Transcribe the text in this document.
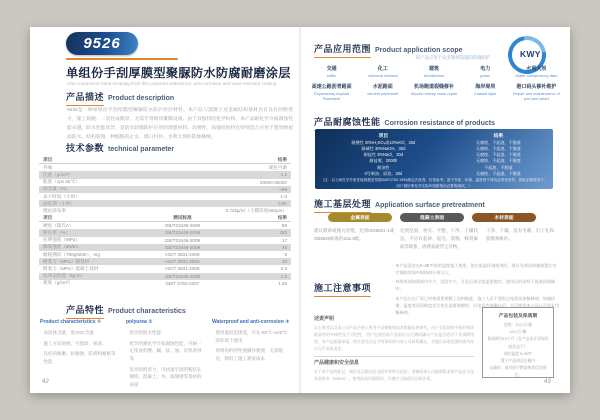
9526
单组份手刮厚膜型聚脲防水防腐耐磨涂层
One component hand scraping thick film polyurea waterproof, anti-corrosion and wear-resistant coating
产品描述 Product description
9526是一种单组份手刮厚膜型聚脲防水防护涂层材料。本产品与混凝土及金属结构基材具有良好的附着力，施工简便、一次性成膜厚，无需专用喷涂覆膜设备。由于其独特的化学结构，本产品耐化学介质腐蚀性能卓越，防水性能优异，是防水防腐防护应用的理想材料。高弹性、高强度的特点特别适合应用于建筑物屋面防水、结构裂缝、伸缩缝的止水、堵口封补、水利大坝的防渗修缮。
技术参数 technical parameter
项目	结果
外观	颜色可调
比重（g/cm³）	1.1
粘度（cps 25℃）	20000-30000
固含量（%）	>99
表干时间（小时）	1-2
固化期（小时）	0.5h
理论涂布率	0.72kg/㎡（干膜厚度500μm）
项目	测试标准	结果
硬度（邵氏A）	GB/T23446-2009	88
伸长率（%）	GB/T23446-2009	320
拉伸强度（MPa）	GB/T23446-2009	17
撕裂强度（kN/m）	GB/T23446-2009	48
磨耗测试（750g/500r），mg	HG/T 3831-2006	8
附着力（MPa）钢基材	HG/T 3831-2006	10
附着力（MPa）混凝土基材	HG/T 3831-2006	3.3
抗冲击性能（kg·m）	GB/T23446-2009	1.8
密度（g/cm³）	GB/T 6750-2007	1.25
产品特性 Product characteristics
Product characteristics ①
· 高固体含量，低VOC含量
· 施工方法简便，可刮涂、抹涂。
· 良好的耐磨、抗腐蚀、防滑和耐候等性能
polyurea ②
· 优异的防水性能
· 优异的耐化学介质腐蚀性能，可耐一定浓度的酸、碱、盐、油、有机溶剂等
· 优异的附着力，可快速牢固的粘结在钢铁、混凝土、木、玻璃钢等基材的表面
Waterproof and anti-corrosion ③
· 使用温度范围宽，可在-50℃~120℃的环境下使用
· 单组份的特性使操作便捷，无需配比，降低了施工难度成本
42
产品应用范围 Product application scope	KWY
该产品应用于众多领域设施的防腐防护
交通
traffic
化工
chemical industry
建筑
Architecture
电力
power
水利大坝
Water conservancy dam
高速公路沥青路面
Expressway Asphalt Pavement
水泥路面
cement pavement
机场跑道裂缝修补
Airport runway crack repair
海岸堤坝
Coastal dyke
港口码头修补维护
Repair and maintenance of port and wharf
产品耐腐蚀性能 Corrosion resistance of products
项目	结果
耐酸性 30%H₂SO₄或10%HCl，30d	无腐蚀、不起泡、不脱落
耐碱性 30%NaOH，30d	无腐蚀、不起泡、不脱落
耐盐性 3%NaCl，30d	无腐蚀、不起泡、不脱落
耐盐雾，2000h	无腐蚀、不起泡、不脱落
耐油性	不起泡、不脱落
0号柴油、原油，30d	无腐蚀、不起泡、不脱落
（注：以上耐化学介质性能数据是依据GB/T1763-1994测定法获得，仅供参考。鉴于介质、环境、温度的不同均会带来差异，因此必要情况下，用户最好事先对实际环境做相应必要的测试。）
施工基层处理 Application surface pretreatment
金属表面	混凝土表面	木材表面
建议喷砂或抛丸处理，达到ISO8501-1或GB8923标准的Sa2.5级。
达到坚固、密实、平整、干净、干燥状态，不应有起砂、起壳、裂缝、蜂窝麻面等现象，清理表面浮尘杂物。
干净、干燥、没有毛刺，钉子孔和裂缝须修补。
施工注意事项
- 本产品适宜在5~35℃时的温度施工使用，如在低温环境使用时，建议先将涂料桶放置在有空调的房间中保持24小时以上。
- 材料表面如需使用多少、刮涂多少，开孔后请尽快盖紧密封，使用后的涂料不再放回原桶中。
- 本产品在出厂时已经按需要调整了涂料粘度，施工人员不要私自连续添加稀释剂。如遇环境、温度等原因粘度发生变化需要调整时，应电话咨询确认后，方可使用本公司认可的专用稀释剂。
述责声明
以上所述以及本公司产品手册上所列产品参数和技术数据仅供参考，由于实际使用中基材和环境条件的多样性及不可控性，用户在使用本产品前应自行测试确认产品是否适用于其预期用途，本产品质量承诺、相关责任以及不明事项请与本公司联系确认，对超出承诺范围的使用本公司不承担责任。
产品包装及保质期
包装：10公斤/桶
20公斤/桶
保质期为12个月（在产品未开封保存的状态下）
储存温度 5-35℃
置于产品阴凉仓储内
运输时，请对照不燃货物类信息规定。
产品健康和安全信息
关于本产品的标记、储存及运输及安全防护等相关信息，请参阅本公司最新版本的产品安全技术说明书（MSDS），使用前请仔细阅读，并遵守当地相关法律法规。
43
